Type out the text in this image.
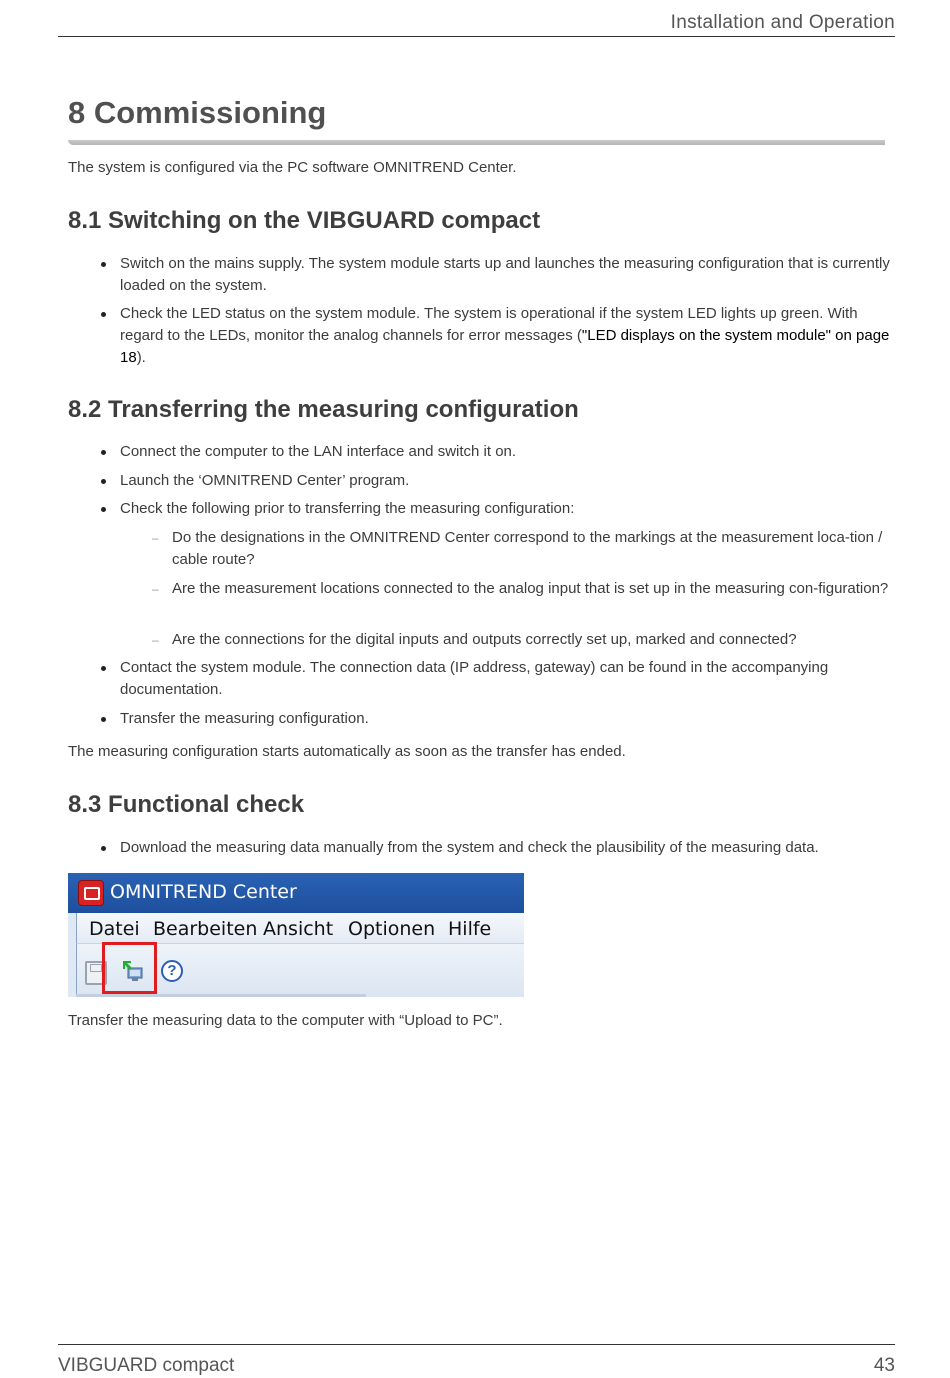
Installation and Operation
8 Commissioning
The system is configured via the PC software OMNITREND Center.
8.1 Switching on the VIBGUARD compact
Switch on the mains supply. The system module starts up and launches the measuring configuration that is currently loaded on the system.
Check the LED status on the system module. The system is operational if the system LED lights up green. With regard to the LEDs, monitor the analog channels for error messages ("LED displays on the system module" on page 18).
8.2 Transferring the measuring configuration
Connect the computer to the LAN interface and switch it on.
Launch the ‘OMNITREND Center’ program.
Check the following prior to transferring the measuring configuration:
– Do the designations in the OMNITREND Center correspond to the markings at the measurement loca-tion / cable route?
– Are the measurement locations connected to the analog input that is set up in the measuring con-figuration?
– Are the connections for the digital inputs and outputs correctly set up, marked and connected?
Contact the system module. The connection data (IP address, gateway) can be found in the accompanying documentation.
Transfer the measuring configuration.
The measuring configuration starts automatically as soon as the transfer has ended.
8.3 Functional check
Download the measuring data manually from the system and check the plausibility of the measuring data.
OMNITREND Center
Datei Bearbeiten Ansicht Optionen Hilfe
?
Transfer the measuring data to the computer with “Upload to PC”.
VIBGUARD compact	43
